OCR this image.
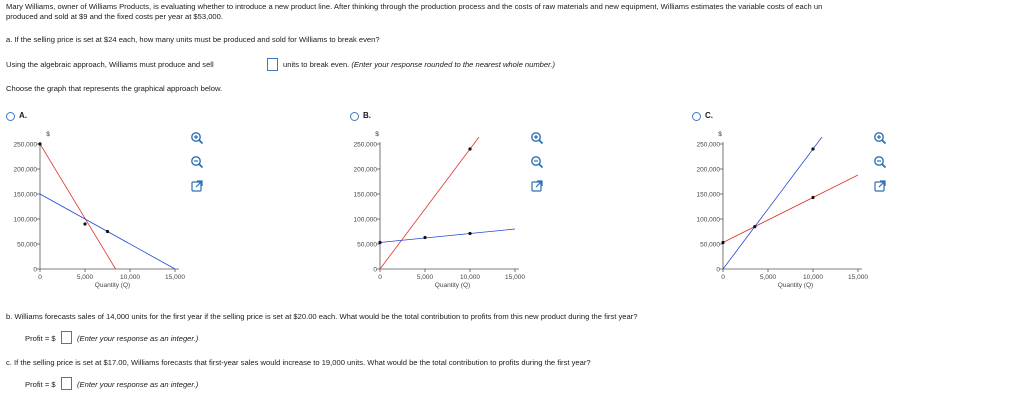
Mary Williams, owner of Williams Products, is evaluating whether to introduce a new product line. After thinking through the production process and the costs of raw materials and new equipment, Williams estimates the variable costs of each un
produced and sold at $9 and the fixed costs per year at $53,000.
a. If the selling price is set at $24 each, how many units must be produced and sold for Williams to break even?
Using the algebraic approach, Williams must produce and sell	units to break even. (Enter your response rounded to the nearest whole number.)
Choose the graph that represents the graphical approach below.
A.	B.	C.
$
250,000
200,000
150,000
100,000
50,000
0
0	5,000	10,000	15,000
Quantity (Q)
$
250,000
200,000
150,000
100,000
50,000
0
0	5,000	10,000	15,000
Quantity (Q)
$
250,000
200,000
150,000
100,000
50,000
0
0	5,000	10,000	15,000
Quantity (Q)
b. Williams forecasts sales of 14,000 units for the first year if the selling price is set at $20.00 each. What would be the total contribution to profits from this new product during the first year?
Profit = $	(Enter your response as an integer.)
c. If the selling price is set at $17.00, Williams forecasts that first-year sales would increase to 19,000 units. What would be the total contribution to profits during the first year?
Profit = $	(Enter your response as an integer.)
